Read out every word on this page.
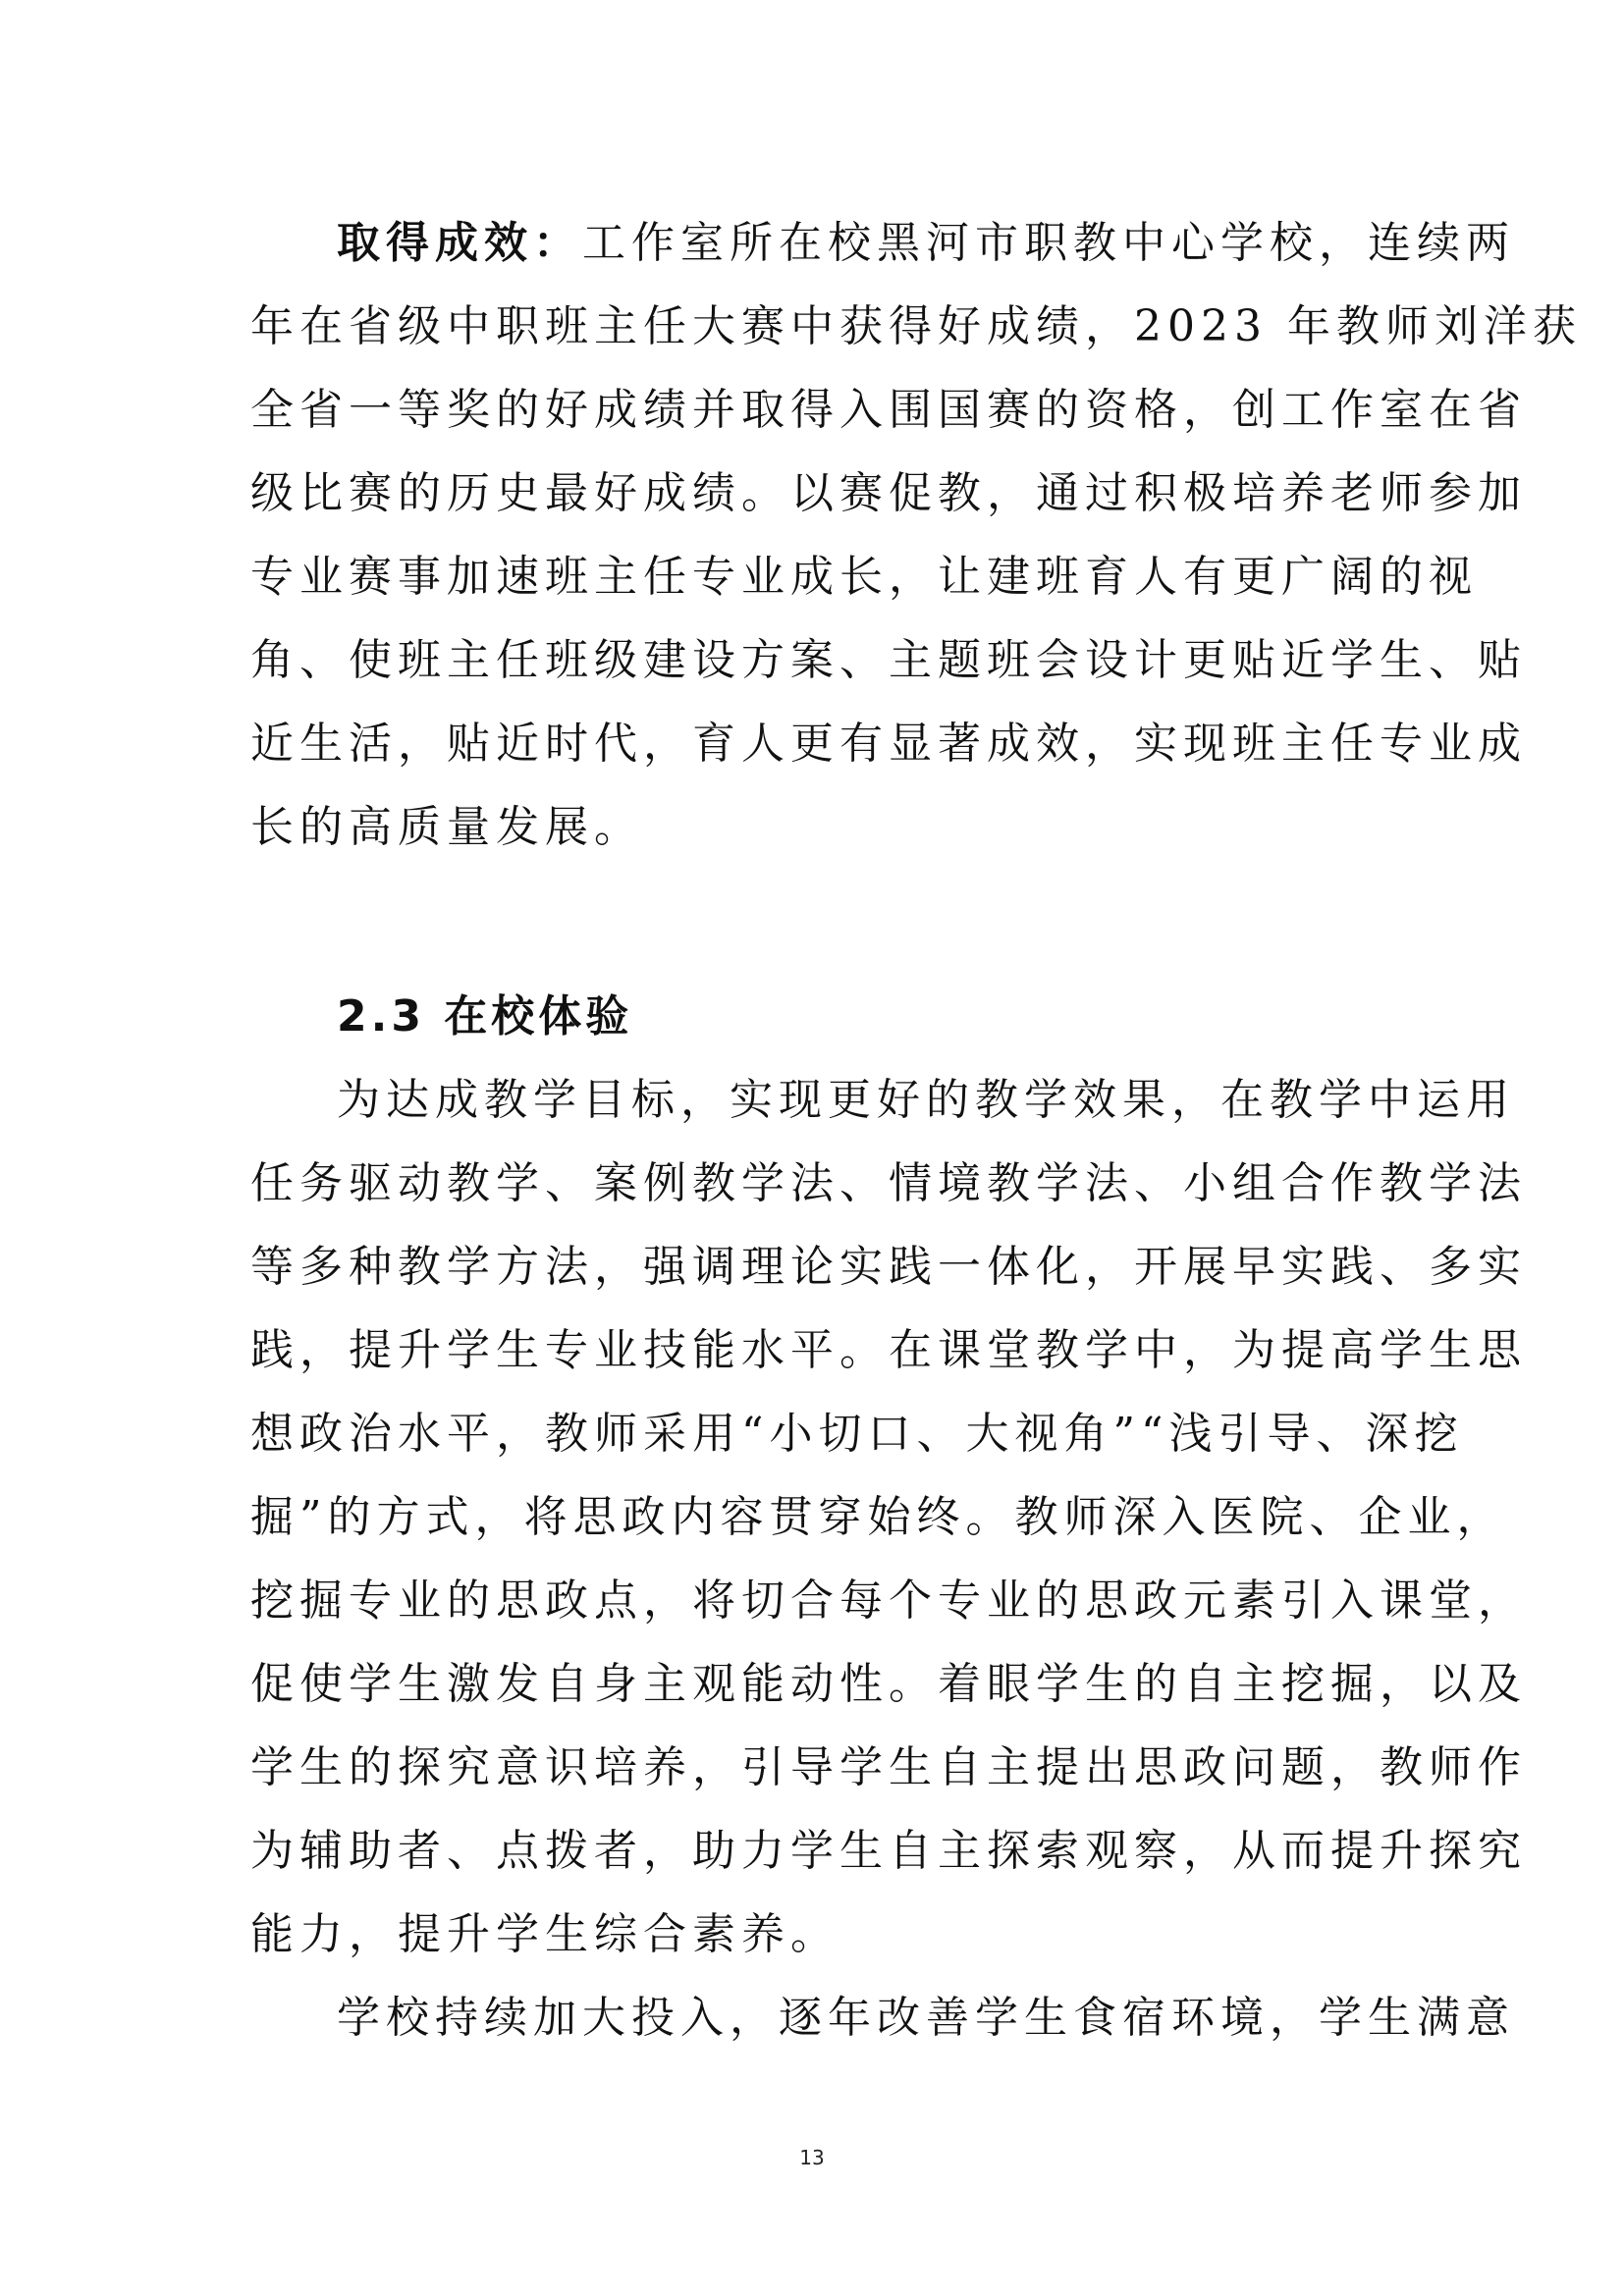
取得成效：工作室所在校黑河市职教中心学校，连续两
年在省级中职班主任大赛中获得好成绩，2023 年教师刘洋获
全省一等奖的好成绩并取得入围国赛的资格，创工作室在省
级比赛的历史最好成绩。以赛促教，通过积极培养老师参加
专业赛事加速班主任专业成长，让建班育人有更广阔的视
角、使班主任班级建设方案、主题班会设计更贴近学生、贴
近生活，贴近时代，育人更有显著成效，实现班主任专业成
长的高质量发展。
2.3 在校体验
为达成教学目标，实现更好的教学效果，在教学中运用
任务驱动教学、案例教学法、情境教学法、小组合作教学法
等多种教学方法，强调理论实践一体化，开展早实践、多实
践，提升学生专业技能水平。在课堂教学中，为提高学生思
想政治水平，教师采用“小切口、大视角”“浅引导、深挖
掘”的方式，将思政内容贯穿始终。教师深入医院、企业，
挖掘专业的思政点，将切合每个专业的思政元素引入课堂，
促使学生激发自身主观能动性。着眼学生的自主挖掘，以及
学生的探究意识培养，引导学生自主提出思政问题，教师作
为辅助者、点拨者，助力学生自主探索观察，从而提升探究
能力，提升学生综合素养。
学校持续加大投入，逐年改善学生食宿环境，学生满意
13
